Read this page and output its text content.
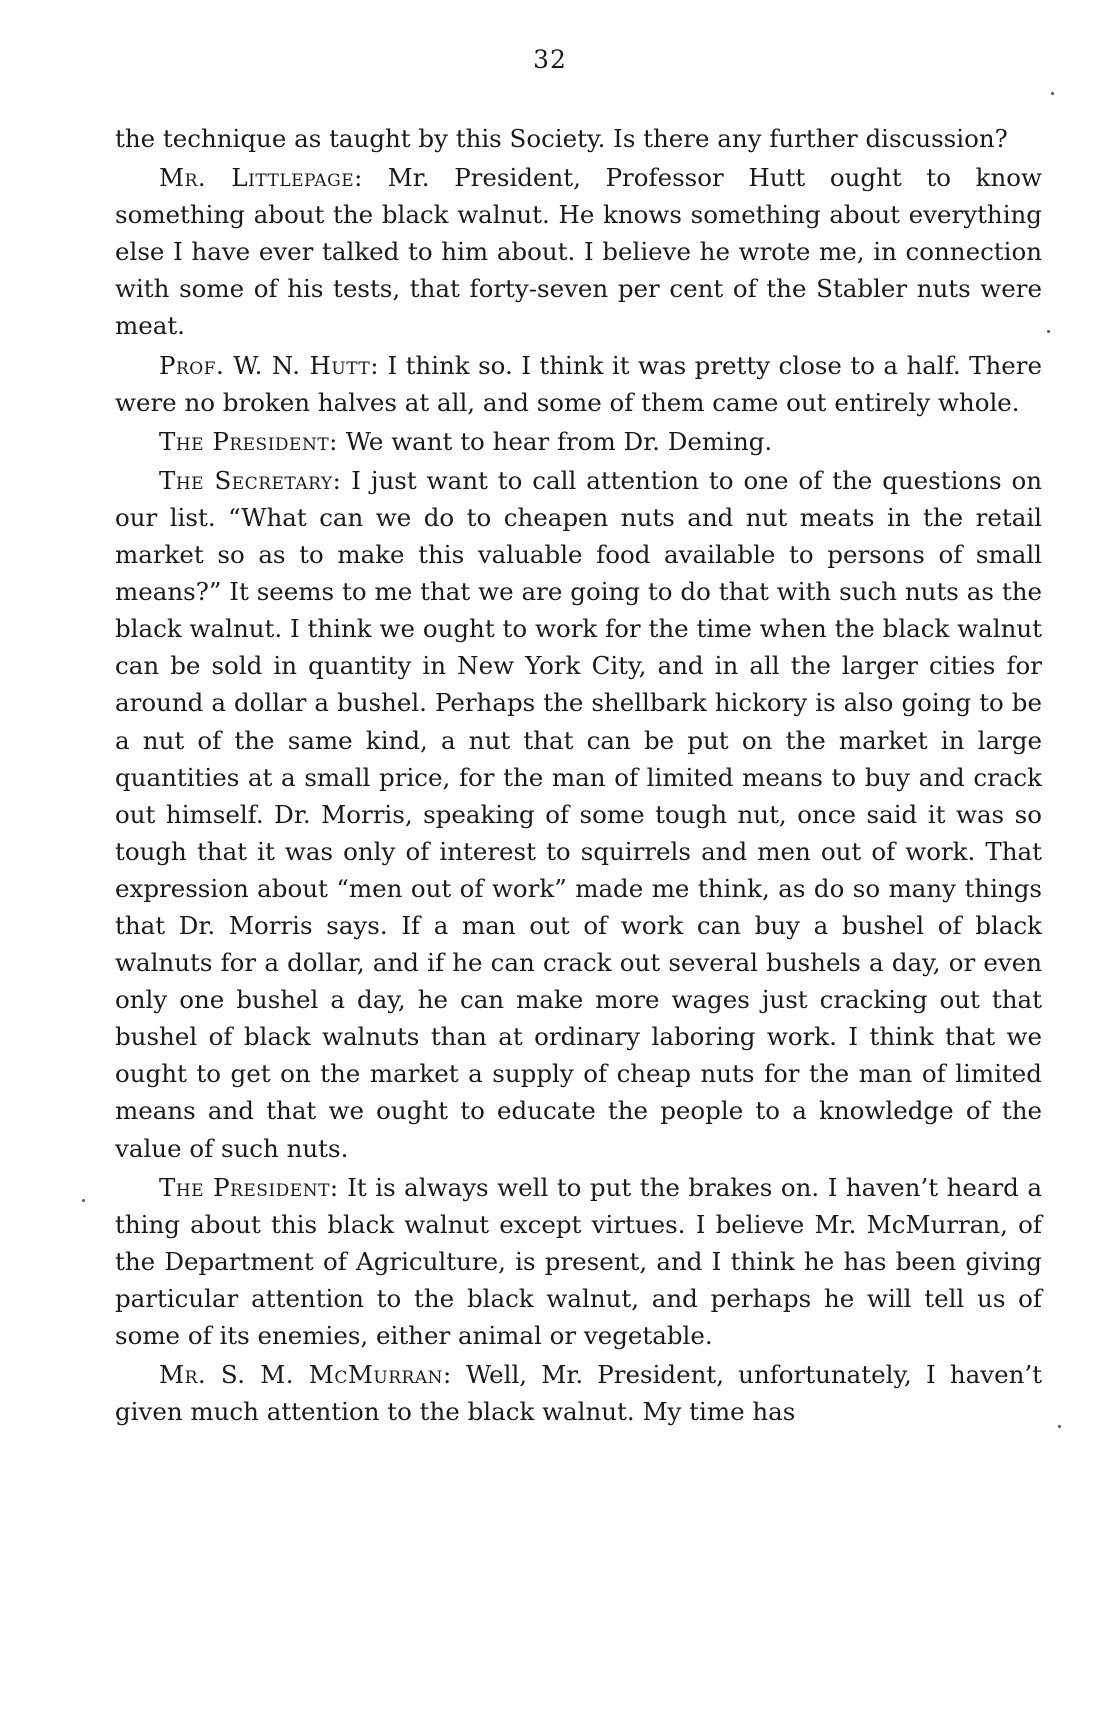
32

the technique as taught by this Society. Is there any further discussion?

Mr. Littlepage: Mr. President, Professor Hutt ought to know something about the black walnut. He knows something about everything else I have ever talked to him about. I believe he wrote me, in connection with some of his tests, that forty-seven per cent of the Stabler nuts were meat.

Prof. W. N. Hutt: I think so. I think it was pretty close to a half. There were no broken halves at all, and some of them came out entirely whole.

The President: We want to hear from Dr. Deming.

The Secretary: I just want to call attention to one of the questions on our list. “What can we do to cheapen nuts and nut meats in the retail market so as to make this valuable food available to persons of small means?” It seems to me that we are going to do that with such nuts as the black walnut. I think we ought to work for the time when the black walnut can be sold in quantity in New York City, and in all the larger cities for around a dollar a bushel. Perhaps the shellbark hickory is also going to be a nut of the same kind, a nut that can be put on the market in large quantities at a small price, for the man of limited means to buy and crack out himself. Dr. Morris, speaking of some tough nut, once said it was so tough that it was only of interest to squirrels and men out of work. That expression about “men out of work” made me think, as do so many things that Dr. Morris says. If a man out of work can buy a bushel of black walnuts for a dollar, and if he can crack out several bushels a day, or even only one bushel a day, he can make more wages just cracking out that bushel of black walnuts than at ordinary laboring work. I think that we ought to get on the market a supply of cheap nuts for the man of limited means and that we ought to educate the people to a knowledge of the value of such nuts.

The President: It is always well to put the brakes on. I haven’t heard a thing about this black walnut except virtues. I believe Mr. McMurran, of the Department of Agriculture, is present, and I think he has been giving particular attention to the black walnut, and perhaps he will tell us of some of its enemies, either animal or vegetable.

Mr. S. M. McMurran: Well, Mr. President, unfortunately, I haven’t given much attention to the black walnut. My time has
